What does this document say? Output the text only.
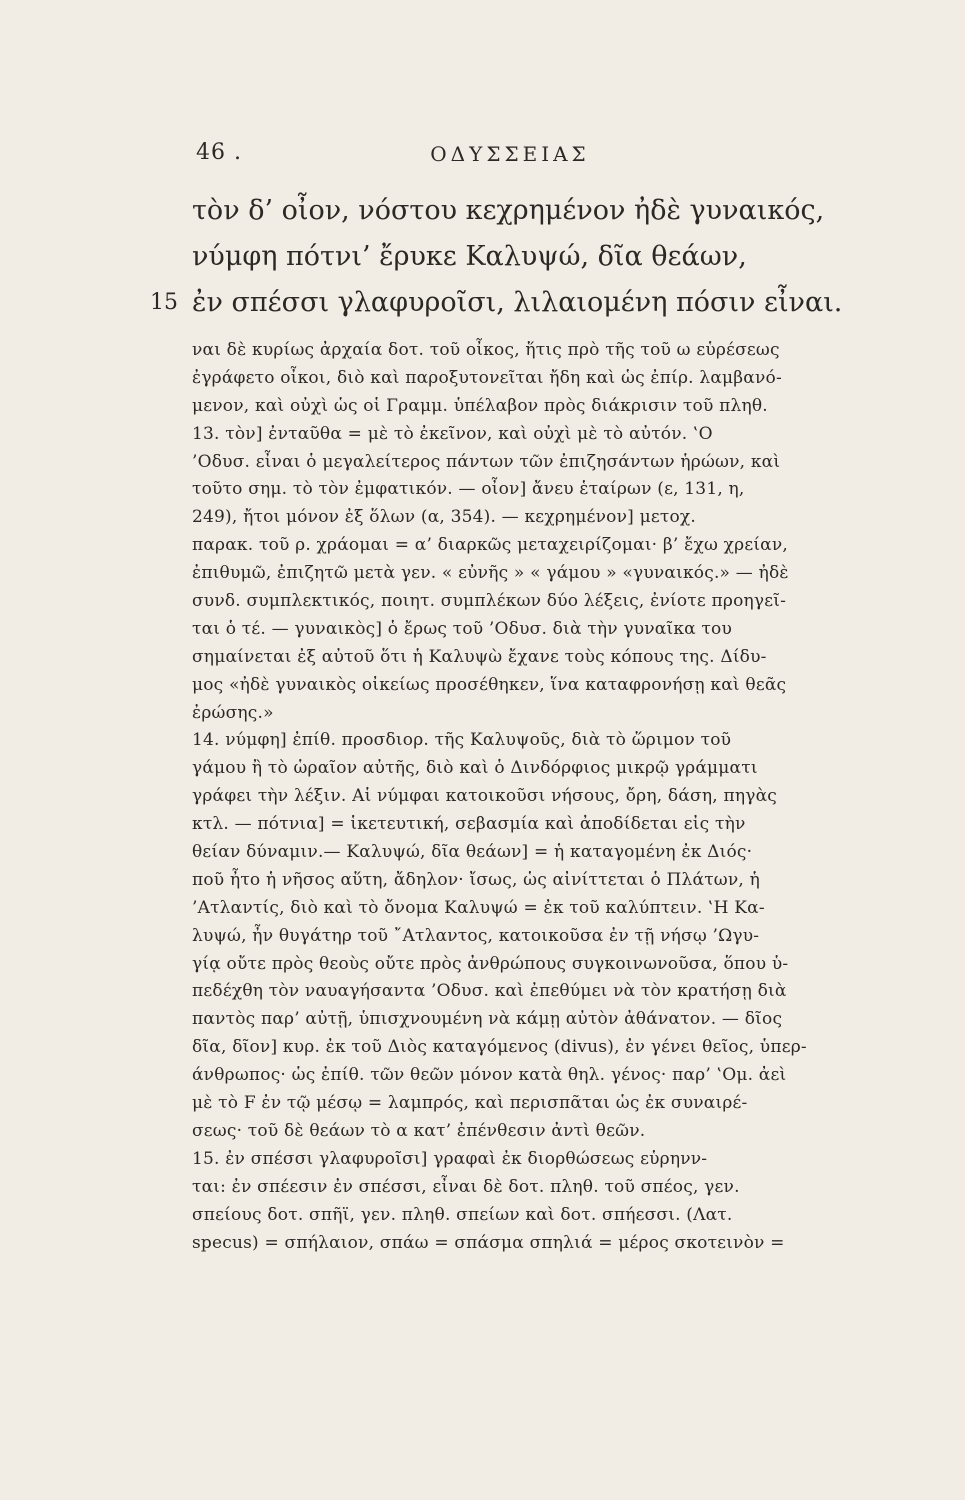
46 .	ΟΔΥΣΣΕΙΑΣ
τὸν δ’ οἶον, νόστου κεχρημένον ἠδὲ γυναικός,
νύμφη πότνι’ ἔρυκε Καλυψώ, δῖα θεάων,
15 ἐν σπέσσι γλαφυροῖσι, λιλαιομένη πόσιν εἶναι.
ναι δὲ κυρίως ἀρχαία δοτ. τοῦ οἶκος, ἥτις πρὸ τῆς τοῦ ω εὑρέσεως
ἐγράφετο οἶκοι, διὸ καὶ παροξυτονεῖται ἤδη καὶ ὡς ἐπίρ. λαμβανό-
μενον, καὶ οὐχὶ ὡς οἱ Γραμμ. ὑπέλαβον πρὸς διάκρισιν τοῦ πληθ.
13. τὸν] ἐνταῦθα = μὲ τὸ ἐκεῖνον, καὶ οὐχὶ μὲ τὸ αὐτόν. ‛Ο
’Οδυσ. εἶναι ὁ μεγαλείτερος πάντων τῶν ἐπιζησάντων ἡρώων, καὶ
τοῦτο σημ. τὸ τὸν ἐμφατικόν. — οἶον] ἄνευ ἑταίρων (ε, 131, η,
249), ἤτοι μόνον ἐξ ὅλων (α, 354). — κεχρημένον] μετοχ.
παρακ. τοῦ ρ. χράομαι = α’ διαρκῶς μεταχειρίζομαι· β’ ἔχω χρείαν,
ἐπιθυμῶ, ἐπιζητῶ μετὰ γεν. « εὐνῆς » « γάμου » «γυναικός.» — ἠδὲ
συνδ. συμπλεκτικός, ποιητ. συμπλέκων δύο λέξεις, ἐνίοτε προηγεῖ-
ται ὁ τέ. — γυναικὸς] ὁ ἔρως τοῦ ’Οδυσ. διὰ τὴν γυναῖκα του
σημαίνεται ἐξ αὐτοῦ ὅτι ἡ Καλυψὼ ἔχανε τοὺς κόπους της. Δίδυ-
μος «ἠδὲ γυναικὸς οἰκείως προσέθηκεν, ἵνα καταφρονήσῃ καὶ θεᾶς
ἐρώσης.»
14. νύμφη] ἐπίθ. προσδιορ. τῆς Καλυψοῦς, διὰ τὸ ὥριμον τοῦ
γάμου ἢ τὸ ὡραῖον αὐτῆς, διὸ καὶ ὁ Δινδόρφιος μικρῷ γράμματι
γράφει τὴν λέξιν. Αἱ νύμφαι κατοικοῦσι νήσους, ὄρη, δάση, πηγὰς
κτλ. — πότνια] = ἱκετευτική, σεβασμία καὶ ἀποδίδεται εἰς τὴν
θείαν δύναμιν.— Καλυψώ, δῖα θεάων] = ἡ καταγομένη ἐκ Διός·
ποῦ ἦτο ἡ νῆσος αὕτη, ἄδηλον· ἴσως, ὡς αἰνίττεται ὁ Πλάτων, ἡ
’Ατλαντίς, διὸ καὶ τὸ ὄνομα Καλυψώ = ἐκ τοῦ καλύπτειν. ‛Η Κα-
λυψώ, ἦν θυγάτηρ τοῦ ῎Ατλαντος, κατοικοῦσα ἐν τῇ νήσῳ ’Ωγυ-
γίᾳ οὔτε πρὸς θεοὺς οὔτε πρὸς ἀνθρώπους συγκοινωνοῦσα, ὅπου ὑ-
πεδέχθη τὸν ναυαγήσαντα ’Οδυσ. καὶ ἐπεθύμει νὰ τὸν κρατήσῃ διὰ
παντὸς παρ’ αὐτῇ, ὑπισχνουμένη νὰ κάμῃ αὐτὸν ἀθάνατον. — δῖος
δῖα, δῖον] κυρ. ἐκ τοῦ Διὸς καταγόμενος (divus), ἐν γένει θεῖος, ὑπερ-
άνθρωπος· ὡς ἐπίθ. τῶν θεῶν μόνον κατὰ θηλ. γένος· παρ’ ‛Ομ. ἀεὶ
μὲ τὸ F ἐν τῷ μέσῳ = λαμπρός, καὶ περισπᾶται ὡς ἐκ συναιρέ-
σεως· τοῦ δὲ θεάων τὸ α κατ’ ἐπένθεσιν ἀντὶ θεῶν.
15. ἐν σπέσσι γλαφυροῖσι] γραφαὶ ἐκ διορθώσεως εὑρηνν-
ται: ἐν σπέεσιν ἐν σπέσσι, εἶναι δὲ δοτ. πληθ. τοῦ σπέος, γεν.
σπείους δοτ. σπῆϊ, γεν. πληθ. σπείων καὶ δοτ. σπήεσσι. (Λατ.
specus) = σπήλαιον, σπάω = σπάσμα σπηλιά = μέρος σκοτεινὸν =
